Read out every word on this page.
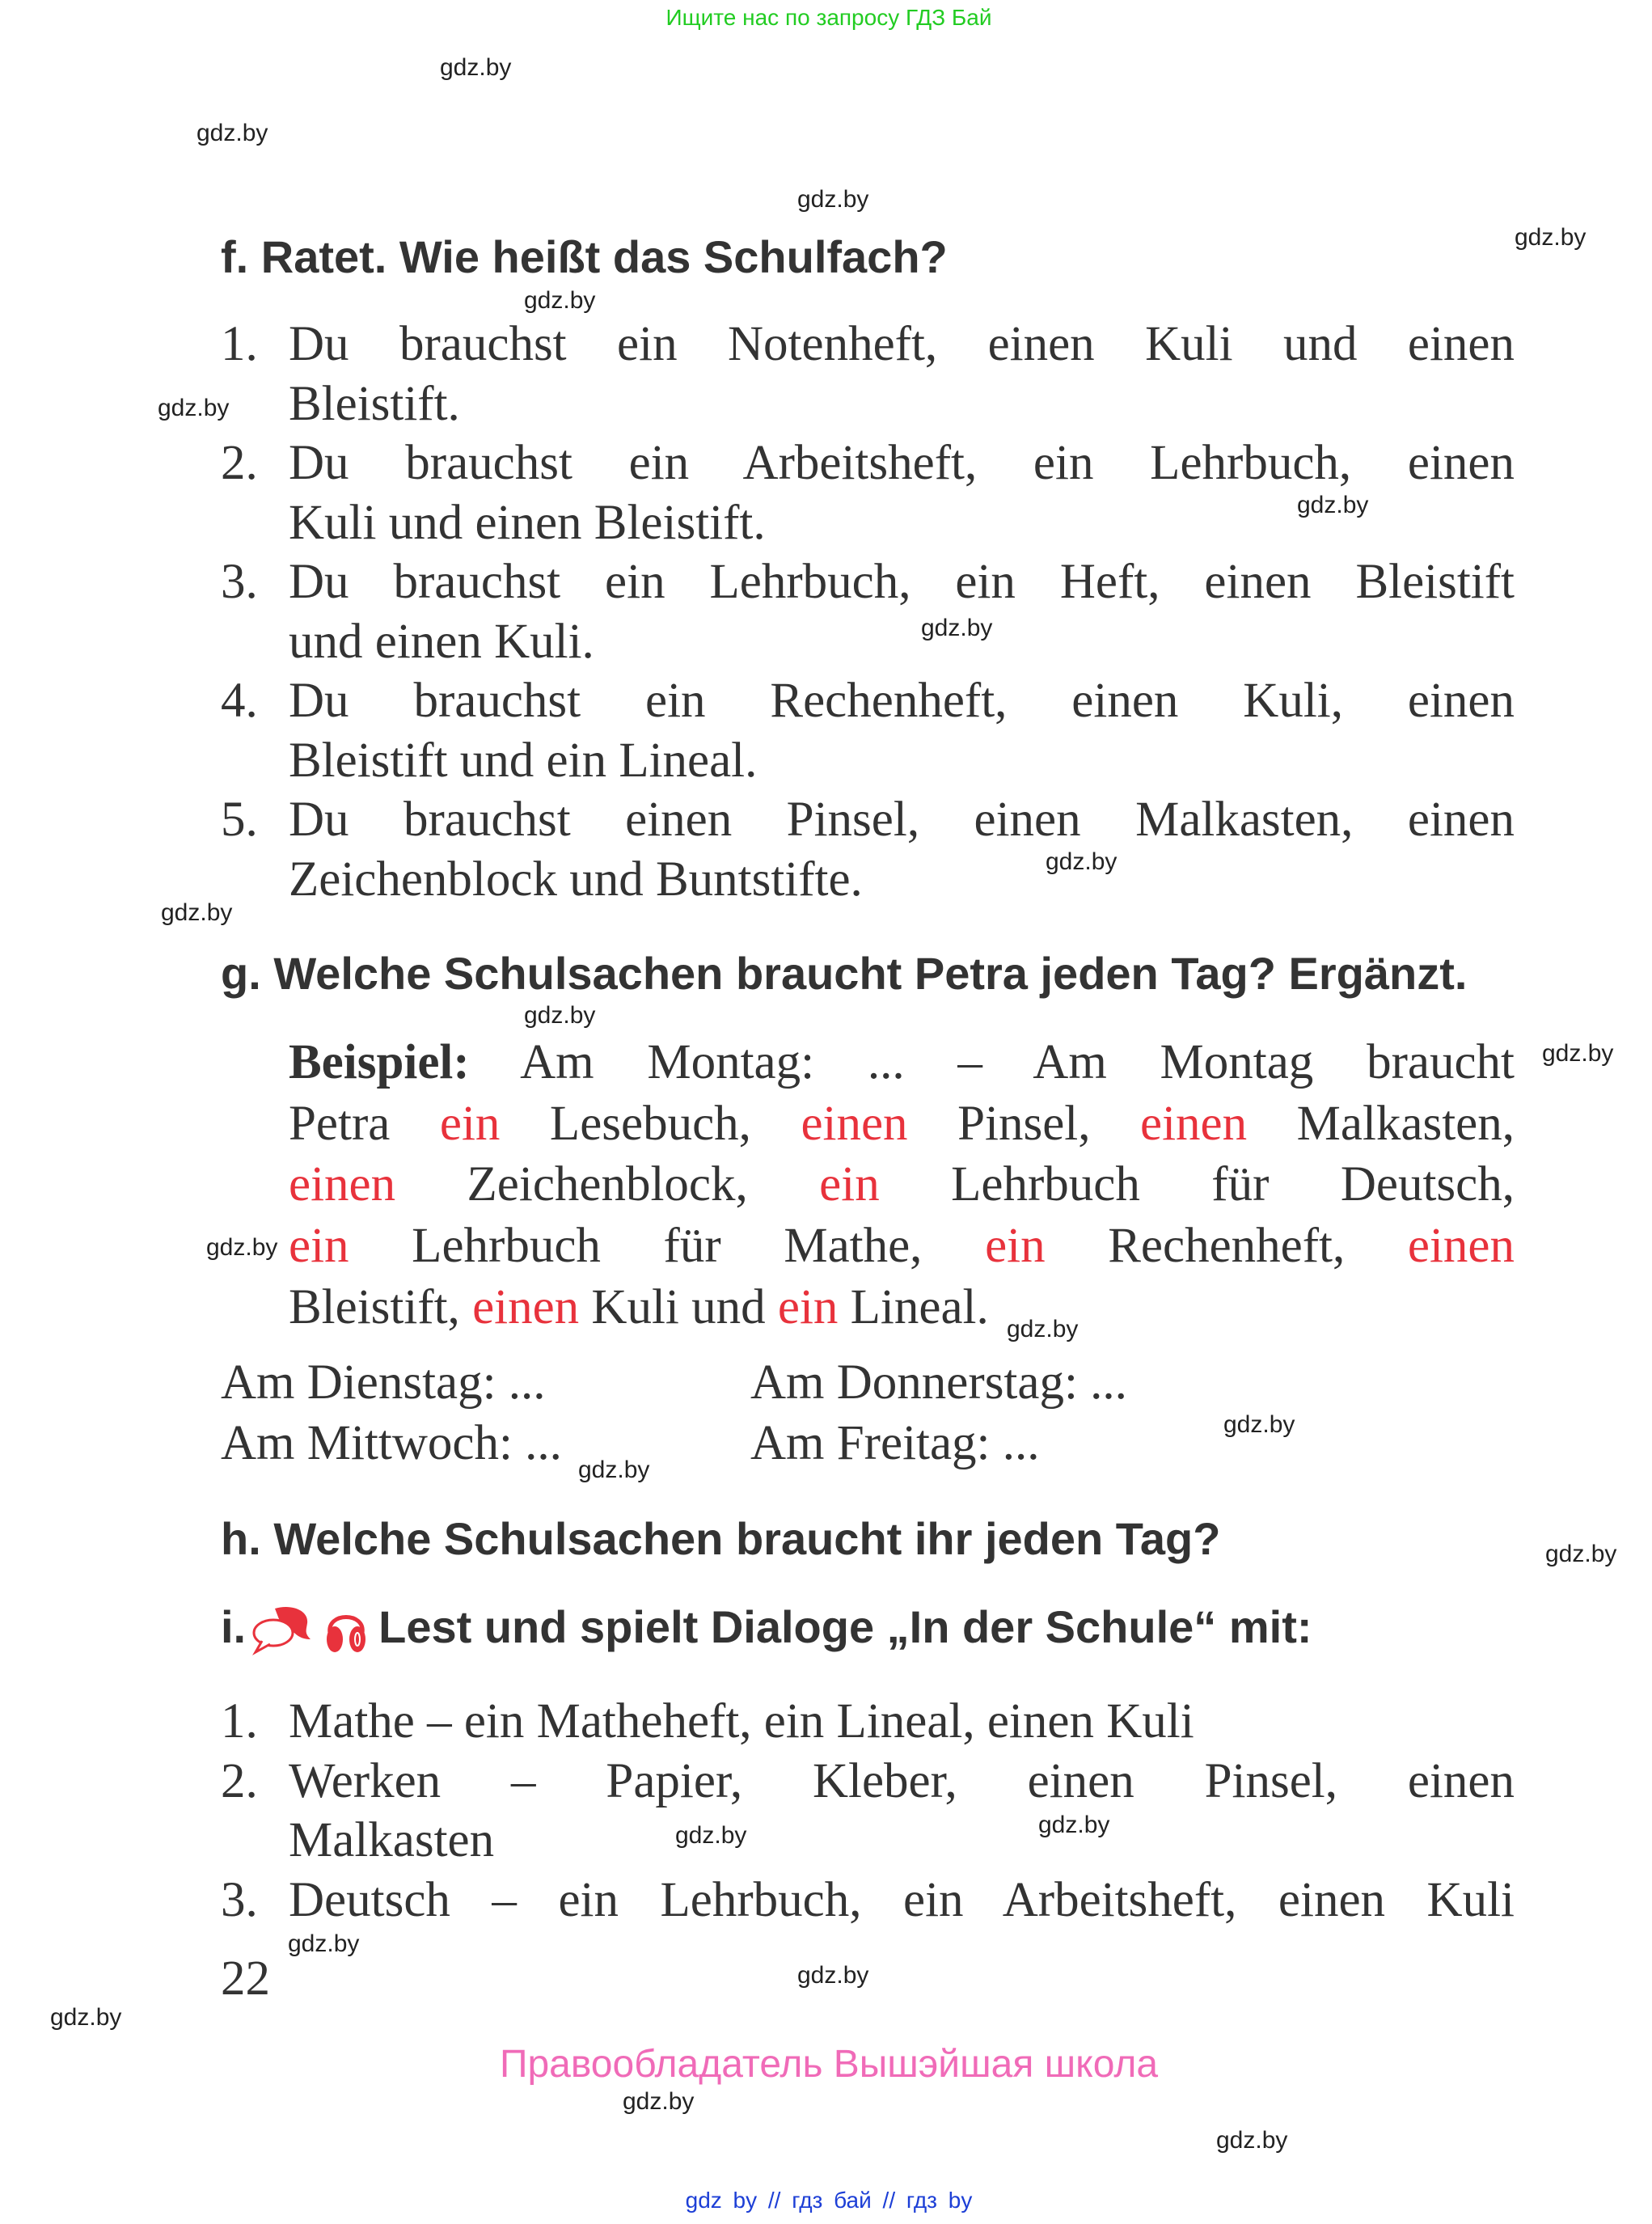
Ищите нас по запросу ГДЗ Бай
gdz.by
gdz.by
gdz.by
gdz.by
gdz.by
gdz.by
gdz.by
gdz.by
gdz.by
gdz.by
gdz.by
gdz.by
gdz.by
gdz.by
gdz.by
gdz.by
gdz.by
gdz.by
gdz.by
gdz.by
gdz.by
gdz.by
gdz.by
gdz.by
f. Ratet. Wie heißt das Schulfach?
1. Du brauchst ein Notenheft, einen Kuli und einen
Bleistift.
2. Du brauchst ein Arbeitsheft, ein Lehrbuch, einen
Kuli und einen Bleistift.
3. Du brauchst ein Lehrbuch, ein Heft, einen Bleistift
und einen Kuli.
4. Du brauchst ein Rechenheft, einen Kuli, einen
Bleistift und ein Lineal.
5. Du brauchst einen Pinsel, einen Malkasten, einen
Zeichenblock und Buntstifte.
g. Welche Schulsachen braucht Petra jeden Tag? Ergänzt.
Beispiel: Am Montag: ... – Am Montag braucht
Petra ein Lesebuch, einen Pinsel, einen Malkasten,
einen Zeichenblock, ein Lehrbuch für Deutsch,
ein Lehrbuch für Mathe, ein Rechenheft, einen
Bleistift, einen Kuli und ein Lineal.
Am Dienstag: ...	Am Donnerstag: ...
Am Mittwoch: ...	Am Freitag: ...
h. Welche Schulsachen braucht ihr jeden Tag?
i.	Lest und spielt Dialoge „In der Schule“ mit:
1. Mathe – ein Matheheft, ein Lineal, einen Kuli
2. Werken – Papier, Kleber, einen Pinsel, einen
Malkasten
3. Deutsch – ein Lehrbuch, ein Arbeitsheft, einen Kuli
22
Правообладатель Вышэйшая школа
gdz by // гдз бай // гдз by
